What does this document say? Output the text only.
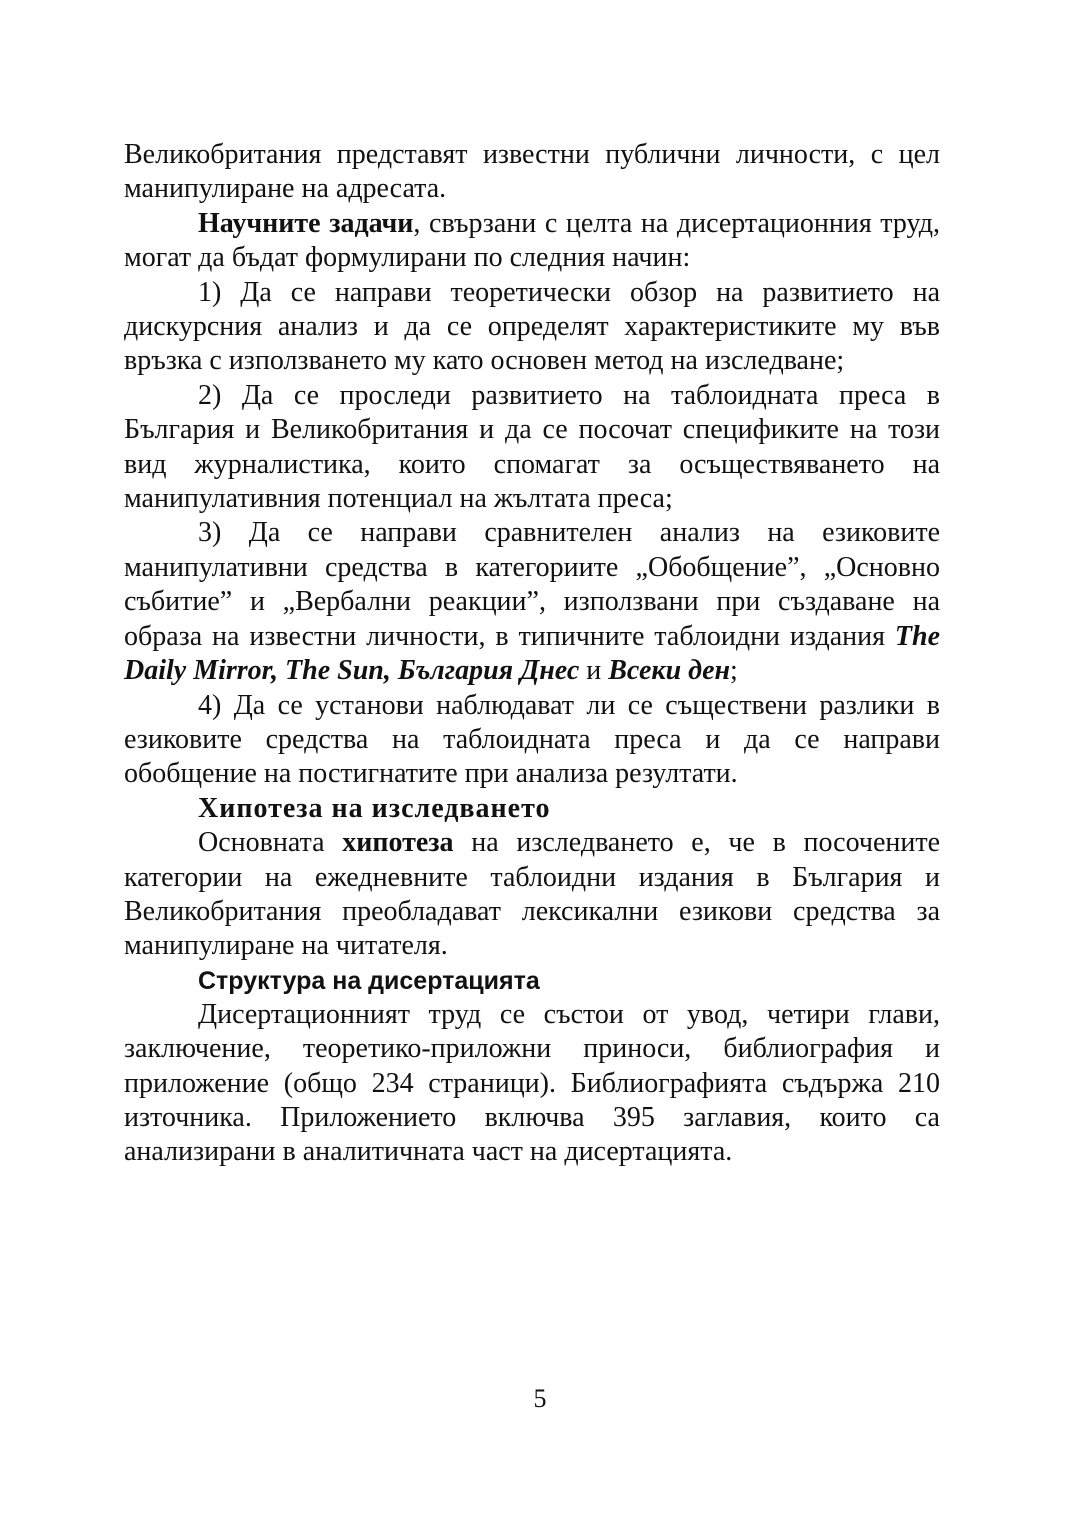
Великобритания представят известни публични личности, с цел манипулиране на адресата.

Научните задачи, свързани с целта на дисертационния труд, могат да бъдат формулирани по следния начин:

1) Да се направи теоретически обзор на развитието на дискурсния анализ и да се определят характеристиките му във връзка с използването му като основен метод на изследване;

2) Да се проследи развитието на таблоидната преса в България и Великобритания и да се посочат спецификите на този вид журналистика, които спомагат за осъществяването на манипулативния потенциал на жълтата преса;

3) Да се направи сравнителен анализ на езиковите манипулативни средства в категориите „Обобщение”, „Основно събитие” и „Вербални реакции”, използвани при създаване на образа на известни личности, в типичните таблоидни издания The Daily Mirror, The Sun, България Днес и Всеки ден;

4) Да се установи наблюдават ли се съществени разлики в езиковите средства на таблоидната преса и да се направи обобщение на постигнатите при анализа резултати.

Хипотеза на изследването

Основната хипотеза на изследването е, че в посочените категории на ежедневните таблоидни издания в България и Великобритания преобладават лексикални езикови средства за манипулиране на читателя.

Структура на дисертацията

Дисертационният труд се състои от увод, четири глави, заключение, теоретико-приложни приноси, библиография и приложение (общо 234 страници). Библиографията съдържа 210 източника. Приложението включва 395 заглавия, които са анализирани в аналитичната част на дисертацията.

5
